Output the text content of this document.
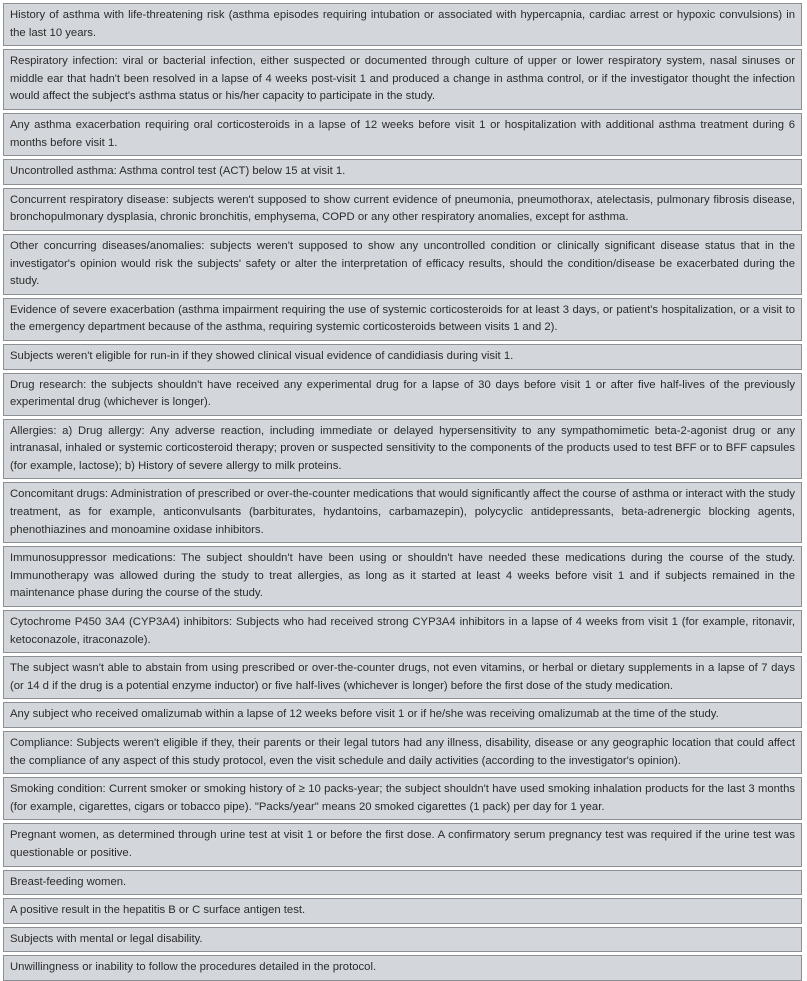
History of asthma with life-threatening risk (asthma episodes requiring intubation or associated with hypercapnia, cardiac arrest or hypoxic convulsions) in the last 10 years.
Respiratory infection: viral or bacterial infection, either suspected or documented through culture of upper or lower respiratory system, nasal sinuses or middle ear that hadn't been resolved in a lapse of 4 weeks post-visit 1 and produced a change in asthma control, or if the investigator thought the infection would affect the subject's asthma status or his/her capacity to participate in the study.
Any asthma exacerbation requiring oral corticosteroids in a lapse of 12 weeks before visit 1 or hospitalization with additional asthma treatment during 6 months before visit 1.
Uncontrolled asthma: Asthma control test (ACT) below 15 at visit 1.
Concurrent respiratory disease: subjects weren't supposed to show current evidence of pneumonia, pneumothorax, atelectasis, pulmonary fibrosis disease, bronchopulmonary dysplasia, chronic bronchitis, emphysema, COPD or any other respiratory anomalies, except for asthma.
Other concurring diseases/anomalies: subjects weren't supposed to show any uncontrolled condition or clinically significant disease status that in the investigator's opinion would risk the subjects' safety or alter the interpretation of efficacy results, should the condition/disease be exacerbated during the study.
Evidence of severe exacerbation (asthma impairment requiring the use of systemic corticosteroids for at least 3 days, or patient's hospitalization, or a visit to the emergency department because of the asthma, requiring systemic corticosteroids between visits 1 and 2).
Subjects weren't eligible for run-in if they showed clinical visual evidence of candidiasis during visit 1.
Drug research: the subjects shouldn't have received any experimental drug for a lapse of 30 days before visit 1 or after five half-lives of the previously experimental drug (whichever is longer).
Allergies: a) Drug allergy: Any adverse reaction, including immediate or delayed hypersensitivity to any sympathomimetic beta-2-agonist drug or any intranasal, inhaled or systemic corticosteroid therapy; proven or suspected sensitivity to the components of the products used to test BFF or to BFF capsules (for example, lactose); b) History of severe allergy to milk proteins.
Concomitant drugs: Administration of prescribed or over-the-counter medications that would significantly affect the course of asthma or interact with the study treatment, as for example, anticonvulsants (barbiturates, hydantoins, carbamazepin), polycyclic antidepressants, beta-adrenergic blocking agents, phenothiazines and monoamine oxidase inhibitors.
Immunosuppressor medications: The subject shouldn't have been using or shouldn't have needed these medications during the course of the study. Immunotherapy was allowed during the study to treat allergies, as long as it started at least 4 weeks before visit 1 and if subjects remained in the maintenance phase during the course of the study.
Cytochrome P450 3A4 (CYP3A4) inhibitors: Subjects who had received strong CYP3A4 inhibitors in a lapse of 4 weeks from visit 1 (for example, ritonavir, ketoconazole, itraconazole).
The subject wasn't able to abstain from using prescribed or over-the-counter drugs, not even vitamins, or herbal or dietary supplements in a lapse of 7 days (or 14 d if the drug is a potential enzyme inductor) or five half-lives (whichever is longer) before the first dose of the study medication.
Any subject who received omalizumab within a lapse of 12 weeks before visit 1 or if he/she was receiving omalizumab at the time of the study.
Compliance: Subjects weren't eligible if they, their parents or their legal tutors had any illness, disability, disease or any geographic location that could affect the compliance of any aspect of this study protocol, even the visit schedule and daily activities (according to the investigator's opinion).
Smoking condition: Current smoker or smoking history of ≥ 10 packs-year; the subject shouldn't have used smoking inhalation products for the last 3 months (for example, cigarettes, cigars or tobacco pipe). "Packs/year" means 20 smoked cigarettes (1 pack) per day for 1 year.
Pregnant women, as determined through urine test at visit 1 or before the first dose. A confirmatory serum pregnancy test was required if the urine test was questionable or positive.
Breast-feeding women.
A positive result in the hepatitis B or C surface antigen test.
Subjects with mental or legal disability.
Unwillingness or inability to follow the procedures detailed in the protocol.
